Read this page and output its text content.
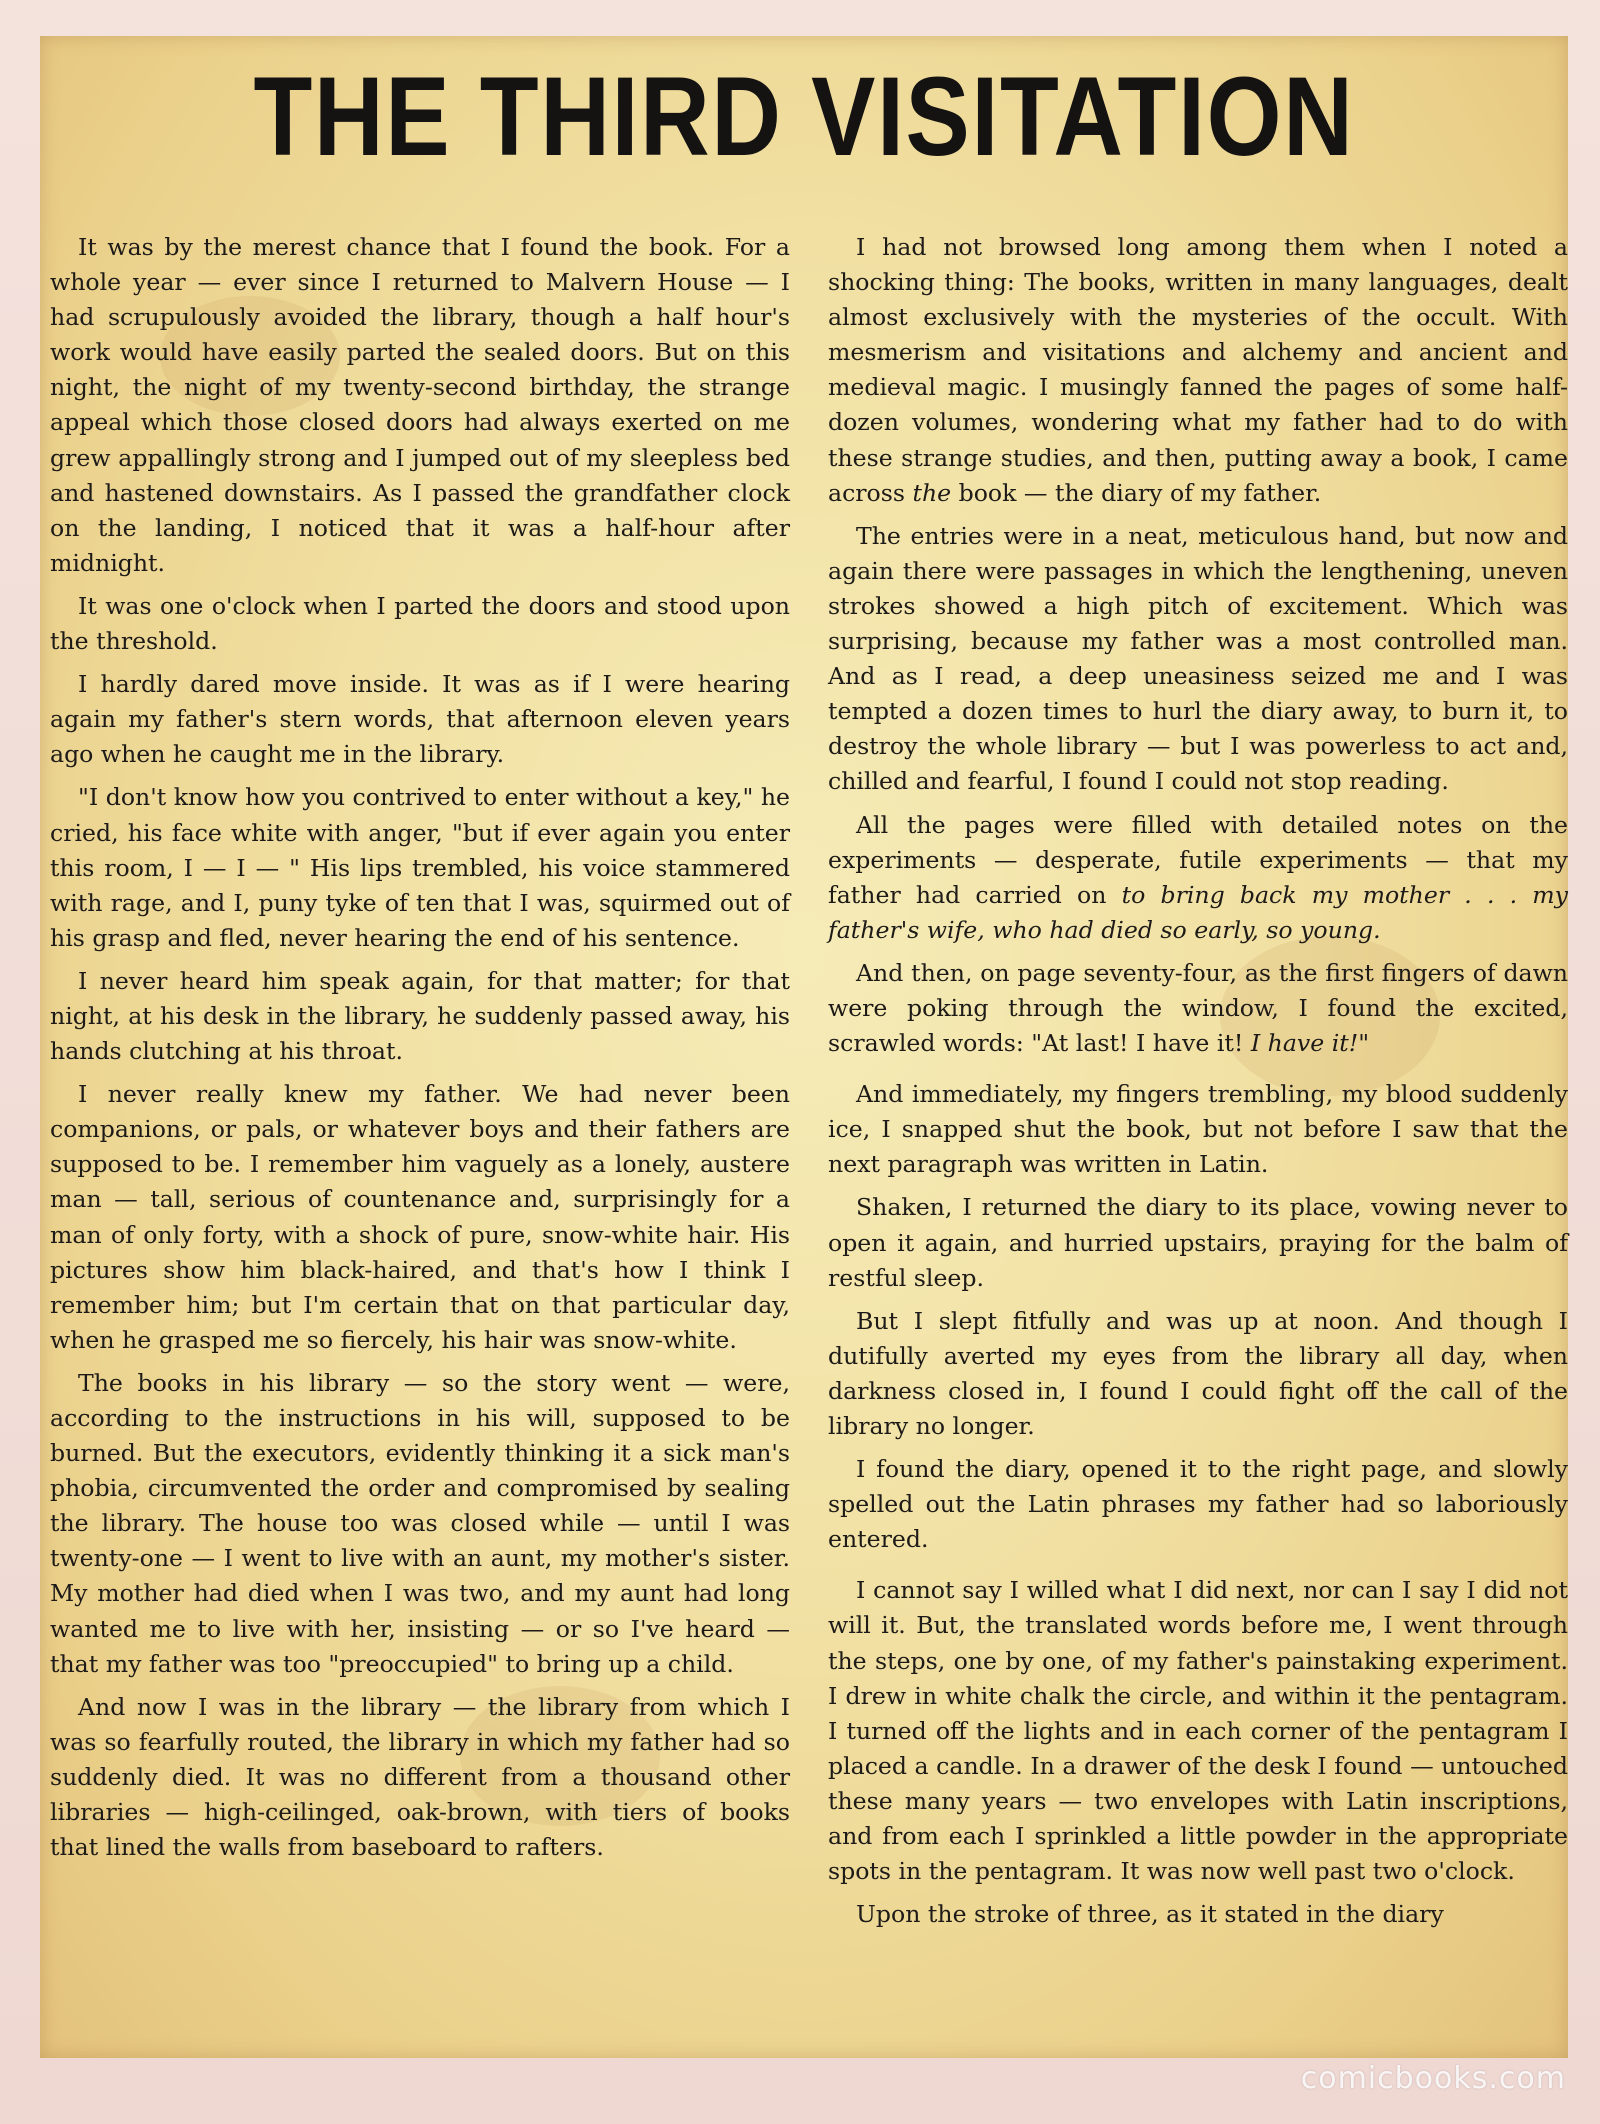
THE THIRD VISITATION

It was by the merest chance that I found the book. For a whole year — ever since I returned to Malvern House — I had scrupulously avoided the library, though a half hour's work would have easily parted the sealed doors. But on this night, the night of my twenty-second birthday, the strange appeal which those closed doors had always exerted on me grew appallingly strong and I jumped out of my sleepless bed and hastened downstairs. As I passed the grandfather clock on the landing, I noticed that it was a half-hour after midnight.

It was one o'clock when I parted the doors and stood upon the threshold.

I hardly dared move inside. It was as if I were hearing again my father's stern words, that afternoon eleven years ago when he caught me in the library.

"I don't know how you contrived to enter without a key," he cried, his face white with anger, "but if ever again you enter this room, I — I — " His lips trembled, his voice stammered with rage, and I, puny tyke of ten that I was, squirmed out of his grasp and fled, never hearing the end of his sentence.

I never heard him speak again, for that matter; for that night, at his desk in the library, he suddenly passed away, his hands clutching at his throat.

I never really knew my father. We had never been companions, or pals, or whatever boys and their fathers are supposed to be. I remember him vaguely as a lonely, austere man — tall, serious of countenance and, surprisingly for a man of only forty, with a shock of pure, snow-white hair. His pictures show him black-haired, and that's how I think I remember him; but I'm certain that on that particular day, when he grasped me so fiercely, his hair was snow-white.

The books in his library — so the story went — were, according to the instructions in his will, supposed to be burned. But the executors, evidently thinking it a sick man's phobia, circumvented the order and compromised by sealing the library. The house too was closed while — until I was twenty-one — I went to live with an aunt, my mother's sister. My mother had died when I was two, and my aunt had long wanted me to live with her, insisting — or so I've heard — that my father was too "preoccupied" to bring up a child.

And now I was in the library — the library from which I was so fearfully routed, the library in which my father had so suddenly died. It was no different from a thousand other libraries — high-ceilinged, oak-brown, with tiers of books that lined the walls from baseboard to rafters.

I had not browsed long among them when I noted a shocking thing: The books, written in many languages, dealt almost exclusively with the mysteries of the occult. With mesmerism and visitations and alchemy and ancient and medieval magic. I musingly fanned the pages of some half-dozen volumes, wondering what my father had to do with these strange studies, and then, putting away a book, I came across the book — the diary of my father.

The entries were in a neat, meticulous hand, but now and again there were passages in which the lengthening, uneven strokes showed a high pitch of excitement. Which was surprising, because my father was a most controlled man. And as I read, a deep uneasiness seized me and I was tempted a dozen times to hurl the diary away, to burn it, to destroy the whole library — but I was powerless to act and, chilled and fearful, I found I could not stop reading.

All the pages were filled with detailed notes on the experiments — desperate, futile experiments — that my father had carried on to bring back my mother . . . my father's wife, who had died so early, so young.

And then, on page seventy-four, as the first fingers of dawn were poking through the window, I found the excited, scrawled words: "At last! I have it! I have it!"

And immediately, my fingers trembling, my blood suddenly ice, I snapped shut the book, but not before I saw that the next paragraph was written in Latin.

Shaken, I returned the diary to its place, vowing never to open it again, and hurried upstairs, praying for the balm of restful sleep.

But I slept fitfully and was up at noon. And though I dutifully averted my eyes from the library all day, when darkness closed in, I found I could fight off the call of the library no longer.

I found the diary, opened it to the right page, and slowly spelled out the Latin phrases my father had so laboriously entered.

I cannot say I willed what I did next, nor can I say I did not will it. But, the translated words before me, I went through the steps, one by one, of my father's painstaking experiment. I drew in white chalk the circle, and within it the pentagram. I turned off the lights and in each corner of the pentagram I placed a candle. In a drawer of the desk I found — untouched these many years — two envelopes with Latin inscriptions, and from each I sprinkled a little powder in the appropriate spots in the pentagram. It was now well past two o'clock.

Upon the stroke of three, as it stated in the diary

comicbooks.com
